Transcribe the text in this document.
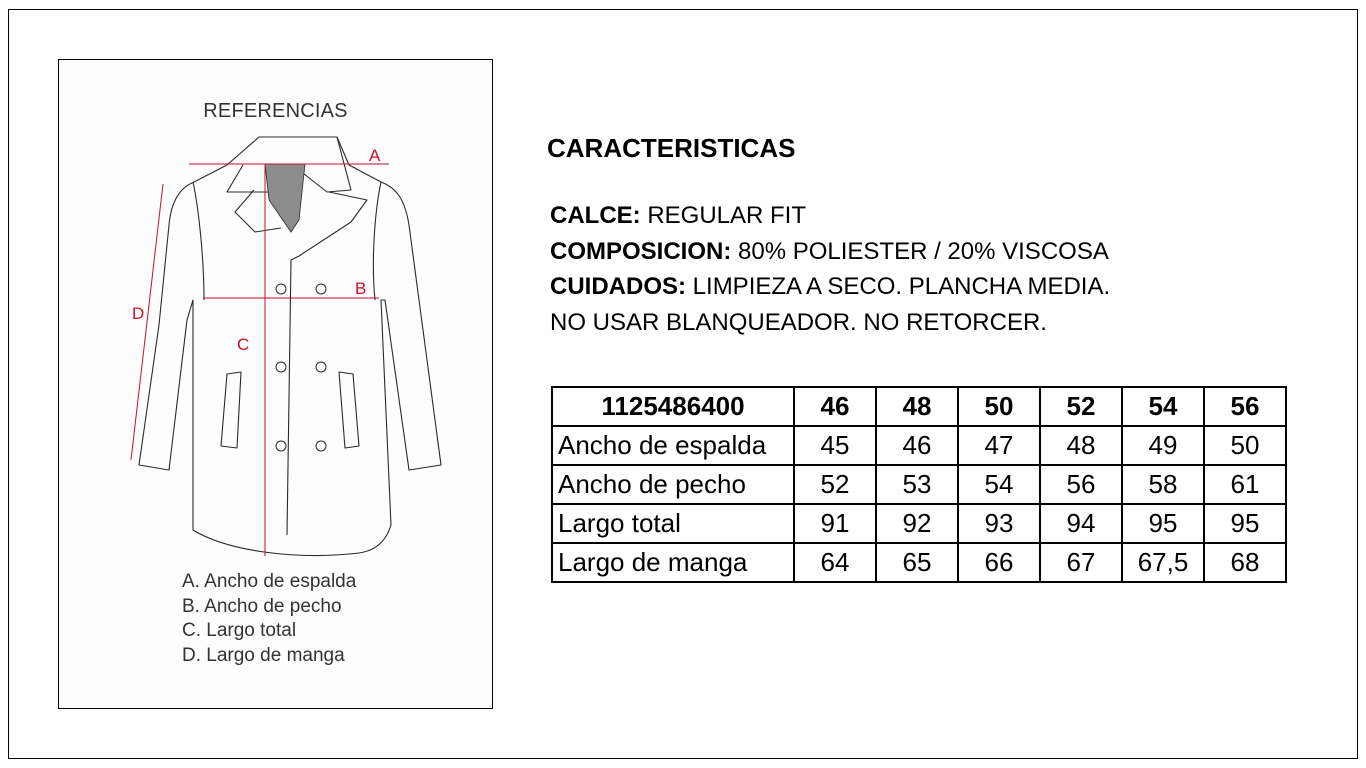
REFERENCIAS
A
B
C
D
A. Ancho de espalda
B. Ancho de pecho
C. Largo total
D. Largo de manga
CARACTERISTICAS
CALCE: REGULAR FIT
COMPOSICION: 80% POLIESTER / 20% VISCOSA
CUIDADOS: LIMPIEZA A SECO. PLANCHA MEDIA.
NO USAR BLANQUEADOR. NO RETORCER.
1125486400	46	48	50	52	54	56
Ancho de espalda	45	46	47	48	49	50
Ancho de pecho	52	53	54	56	58	61
Largo total	91	92	93	94	95	95
Largo de manga	64	65	66	67	67,5	68
